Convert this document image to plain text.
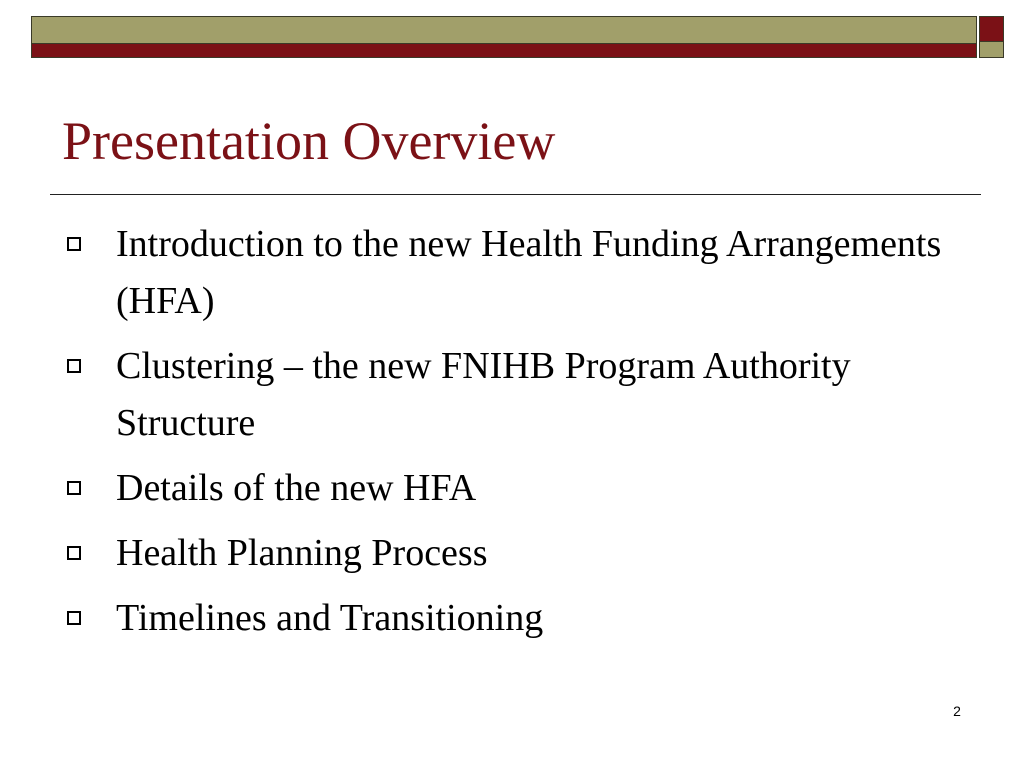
Presentation Overview
Introduction to the new Health Funding Arrangements (HFA)
Clustering – the new FNIHB Program Authority Structure
Details of the new HFA
Health Planning Process
Timelines and Transitioning
2
